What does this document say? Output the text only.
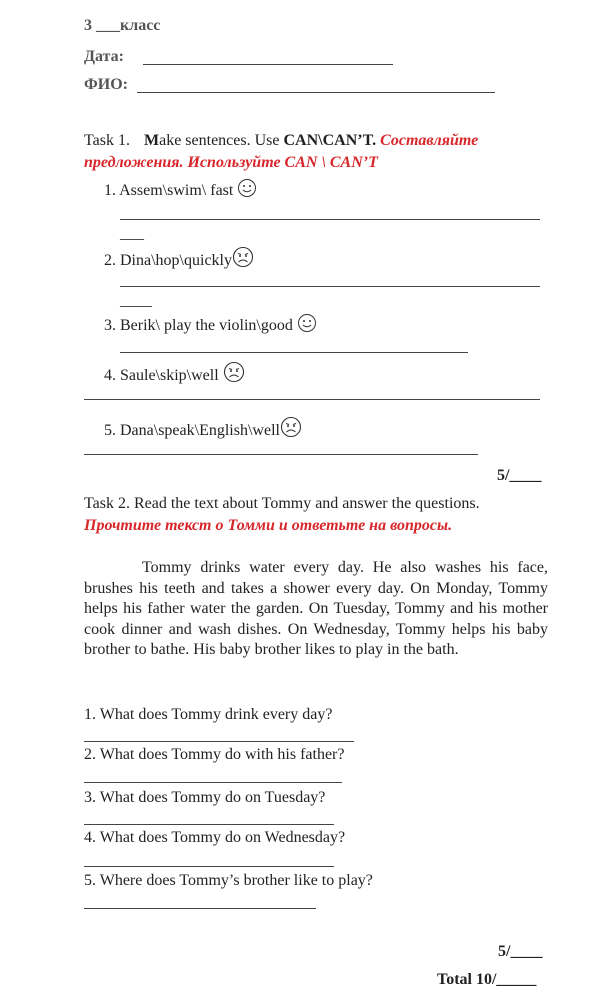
3 ___класс
Дата:
ФИО:
Task 1. Make sentences. Use CAN\CAN’T. Составляйте
предложения. Используйте CAN \ CAN’T
1. Assem\swim\ fast
___
2. Dina\hop\quickly
____
3. Berik\ play the violin\good
4. Saule\skip\well
5. Dana\speak\English\well
5/____
Task 2. Read the text about Tommy and answer the questions.
Прочтите текст о Томми и ответьте на вопросы.
Tommy drinks water every day. He also washes his face, brushes his teeth and takes a shower every day. On Monday, Tommy helps his father water the garden. On Tuesday, Tommy and his mother cook dinner and wash dishes. On Wednesday, Tommy helps his baby brother to bathe. His baby brother likes to play in the bath.
1. What does Tommy drink every day?
2. What does Tommy do with his father?
3. What does Tommy do on Tuesday?
4. What does Tommy do on Wednesday?
5. Where does Tommy’s brother like to play?
5/____
Total 10/_____
